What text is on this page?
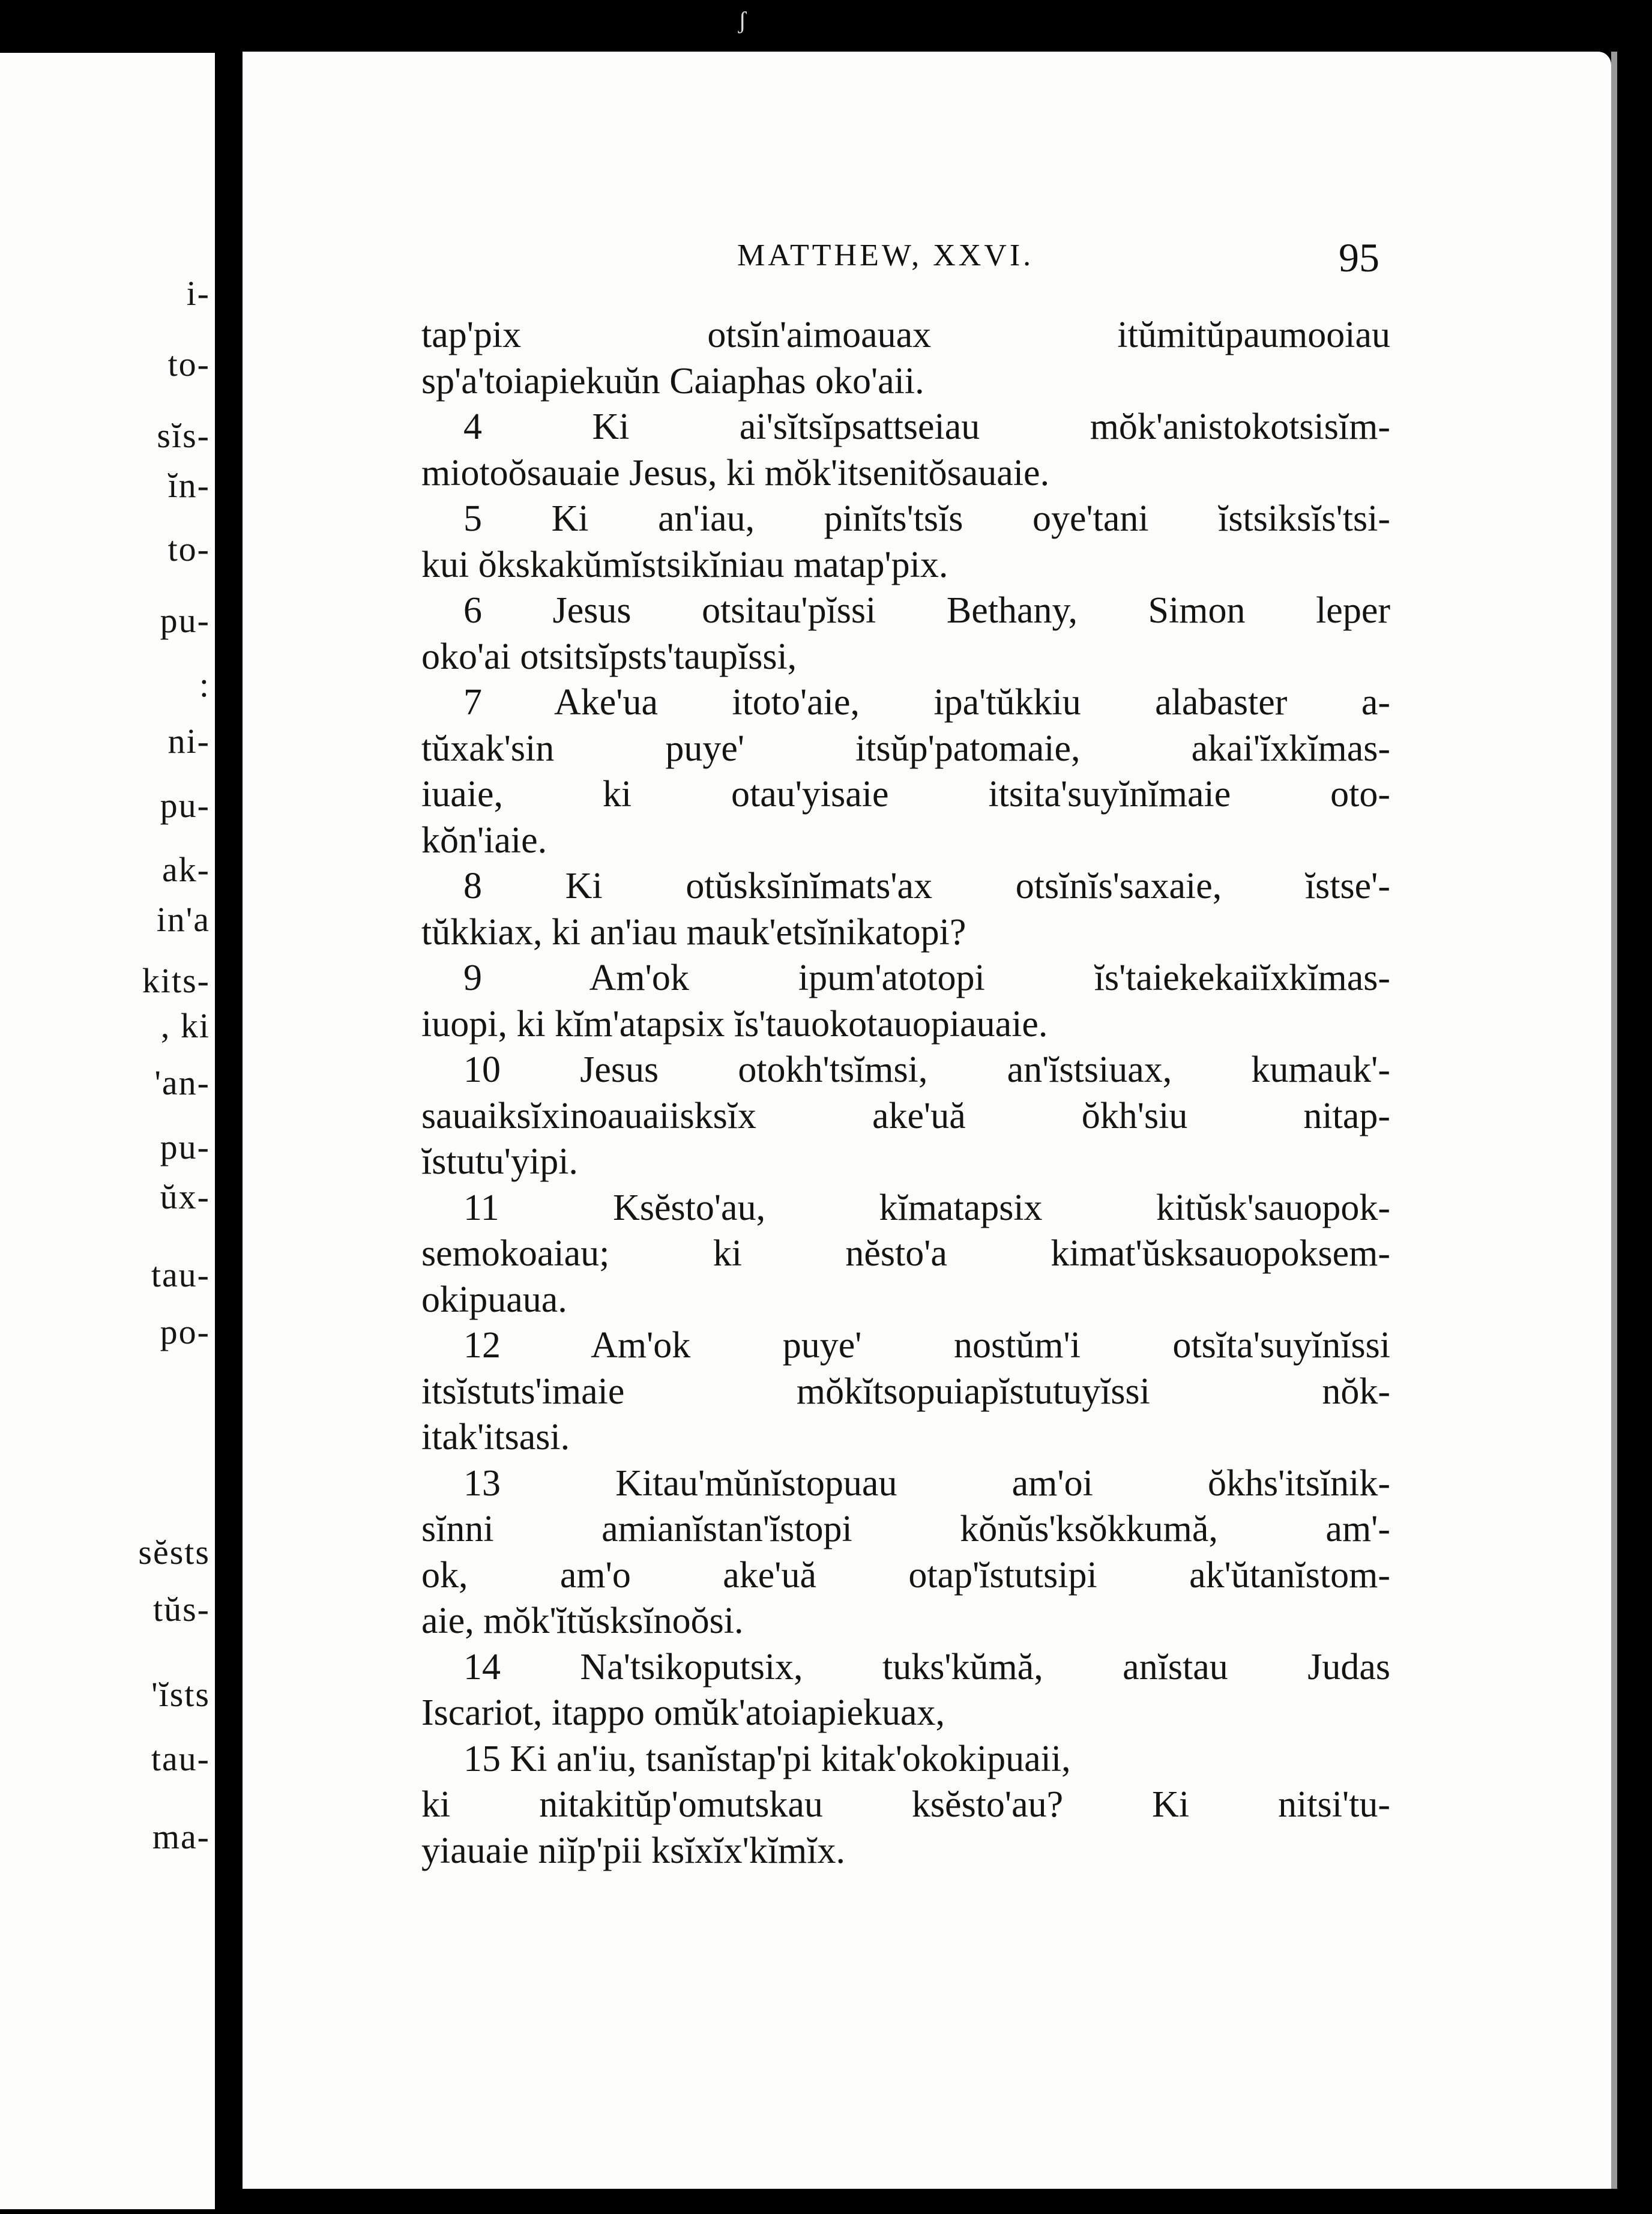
i-
to-
sĭs-
ĭn-
to-
pu-
:
ni-
pu-
ak-
in'a
kits-
, ki
'an-
pu-
ŭx-
tau-
po-
sĕsts
tŭs-
'ĭsts
tau-
ma-
MATTHEW, XXVI.	95
tap'pix otsĭn'aimoauax itŭmitŭpaumooiau
sp'a'toiapiekuŭn Caiaphas oko'aii.
4 Ki ai'sĭtsĭpsattseiau mŏk'anistokotsisĭm-
miotoŏsauaie Jesus, ki mŏk'itsenitŏsauaie.
5 Ki an'iau, pinĭts'tsĭs oye'tani ĭstsiksĭs'tsi-
kui ŏkskakŭmĭstsikĭniau matap'pix.
6 Jesus otsitau'pĭssi Bethany, Simon leper
oko'ai otsitsĭpsts'taupĭssi,
7 Ake'ua itoto'aie, ipa'tŭkkiu alabaster a-
tŭxak'sin puye' itsŭp'patomaie, akai'ĭxkĭmas-
iuaie, ki otau'yisaie itsita'suyĭnĭmaie oto-
kŏn'iaie.
8 Ki otŭsksĭnĭmats'ax otsĭnĭs'saxaie, ĭstse'-
tŭkkiax, ki an'iau mauk'etsĭnikatopi?
9 Am'ok ipum'atotopi ĭs'taiekekaiĭxkĭmas-
iuopi, ki kĭm'atapsix ĭs'tauokotauopiauaie.
10 Jesus otokh'tsĭmsi, an'ĭstsiuax, kumauk'-
sauaiksĭxinoauaiisksĭx ake'uă ŏkh'siu nitap-
ĭstutu'yipi.
11 Ksĕsto'au, kĭmatapsix kitŭsk'sauopok-
semokoaiau; ki nĕsto'a kimat'ŭsksauopoksem-
okipuaua.
12 Am'ok puye' nostŭm'i otsĭta'suyĭnĭssi
itsĭstuts'imaie mŏkĭtsopuiapĭstutuyĭssi nŏk-
itak'itsasi.
13 Kitau'mŭnĭstopuau am'oi ŏkhs'itsĭnik-
sĭnni amianĭstan'ĭstopi kŏnŭs'ksŏkkumă, am'-
ok, am'o ake'uă otap'ĭstutsipi ak'ŭtanĭstom-
aie, mŏk'ĭtŭsksĭnoŏsi.
14 Na'tsikoputsix, tuks'kŭmă, anĭstau Judas
Iscariot, itappo omŭk'atoiapiekuax,
15 Ki an'iu, tsanĭstap'pi kitak'okokipuaii,
ki nitakitŭp'omutskau ksĕsto'au? Ki nitsi'tu-
yiauaie niĭp'pii ksĭxĭx'kĭmĭx.
ʃ
